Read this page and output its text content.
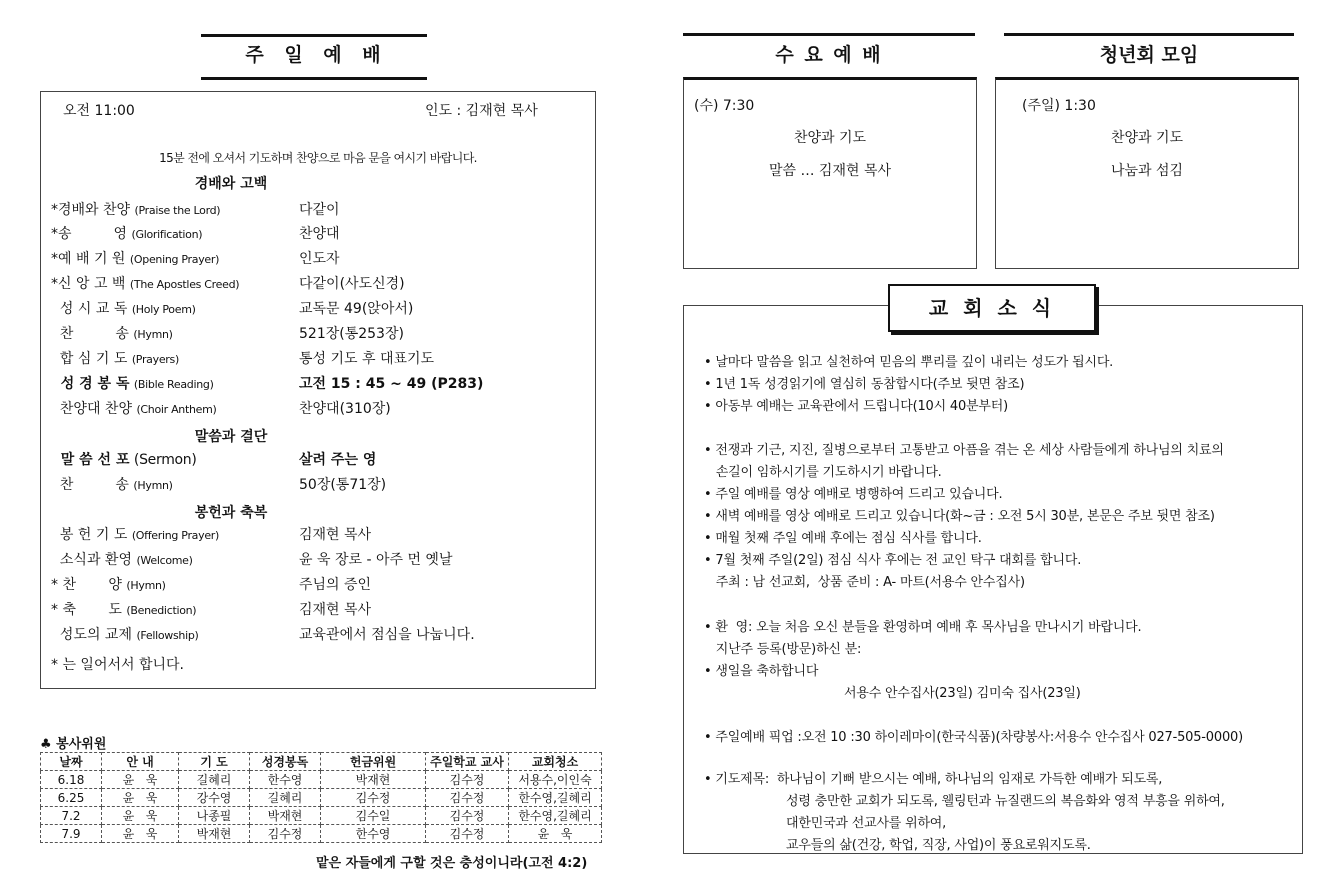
주 일 예 배
오전 11:00	인도 : 김재현 목사
15분 전에 오셔서 기도하며 찬양으로 마음 문을 여시기 바랍니다.
경배와 고백
*경배와 찬양 (Praise the Lord)	다같이
*송　　　영 (Glorification)	찬양대
*예 배 기 원 (Opening Prayer)	인도자
*신 앙 고 백 (The Apostles Creed)	다같이(사도신경)
성 시 교 독 (Holy Poem)	교독문 49(앉아서)
찬　　　송 (Hymn)	521장(통253장)
합 심 기 도 (Prayers)	통성 기도 후 대표기도
성 경 봉 독 (Bible Reading)	고전 15 : 45 ~ 49 (P283)
찬양대 찬양 (Choir Anthem)	찬양대(310장)
말 씀 선 포 (Sermon)	살려 주는 영
찬　　　송 (Hymn)	50장(통71장)
봉 헌 기 도 (Offering Prayer)	김재현 목사
소식과 환영 (Welcome)	윤 욱 장로 - 아주 먼 옛날
* 찬　　 양 (Hymn)	주님의 증인
* 축　　 도 (Benediction)	김재현 목사
성도의 교제 (Fellowship)	교육관에서 점심을 나눕니다.
말씀과 결단
봉헌과 축복
* 는 일어서서 합니다.
♣ 봉사위원
날짜	안 내	기 도	성경봉독	헌금위원	주일학교 교사	교회청소
6.18	윤   욱	길혜리	한수영	박재현	김수정	서용수,이인숙
6.25	윤   욱	강수영	길혜리	김수정	김수정	한수영,길혜리
7.2	윤   욱	나종필	박재현	김수일	김수정	한수영,길혜리
7.9	윤   욱	박재현	김수정	한수영	김수정	윤   욱
맡은 자들에게 구할 것은 충성이니라(고전 4:2)
수 요 예 배
(수) 7:30
찬양과 기도
말씀 … 김재현 목사
청년회 모임
(주일) 1:30
찬양과 기도
나눔과 섬김
• 날마다 말씀을 읽고 실천하여 믿음의 뿌리를 깊이 내리는 성도가 됩시다.
• 1년 1독 성경읽기에 열심히 동참합시다(주보 뒷면 참조)
• 아동부 예배는 교육관에서 드립니다(10시 40분부터)
• 전쟁과 기근, 지진, 질병으로부터 고통받고 아픔을 겪는 온 세상 사람들에게 하나님의 치료의
손길이 임하시기를 기도하시기 바랍니다.
• 주일 예배를 영상 예배로 병행하여 드리고 있습니다.
• 새벽 예배를 영상 예배로 드리고 있습니다(화~금 : 오전 5시 30분, 본문은 주보 뒷면 참조)
• 매월 첫째 주일 예배 후에는 점심 식사를 합니다.
• 7월 첫째 주일(2일) 점심 식사 후에는 전 교인 탁구 대회를 합니다.
주최 : 남 선교회,  상품 준비 : A- 마트(서용수 안수집사)
• 환  영: 오늘 처음 오신 분들을 환영하며 예배 후 목사님을 만나시기 바랍니다.
지난주 등록(방문)하신 분:
• 생일을 축하합니다
서용수 안수집사(23일) 김미숙 집사(23일)
• 주일예배 픽업 :오전 10 :30 하이레마이(한국식품)(차량봉사:서용수 안수집사 027-505-0000)
• 기도제목:  하나님이 기뻐 받으시는 예배, 하나님의 임재로 가득한 예배가 되도록,
성령 충만한 교회가 되도록, 웰링턴과 뉴질랜드의 복음화와 영적 부흥을 위하여,
대한민국과 선교사를 위하여,
교우들의 삶(건강, 학업, 직장, 사업)이 풍요로워지도록.
교 회 소 식
